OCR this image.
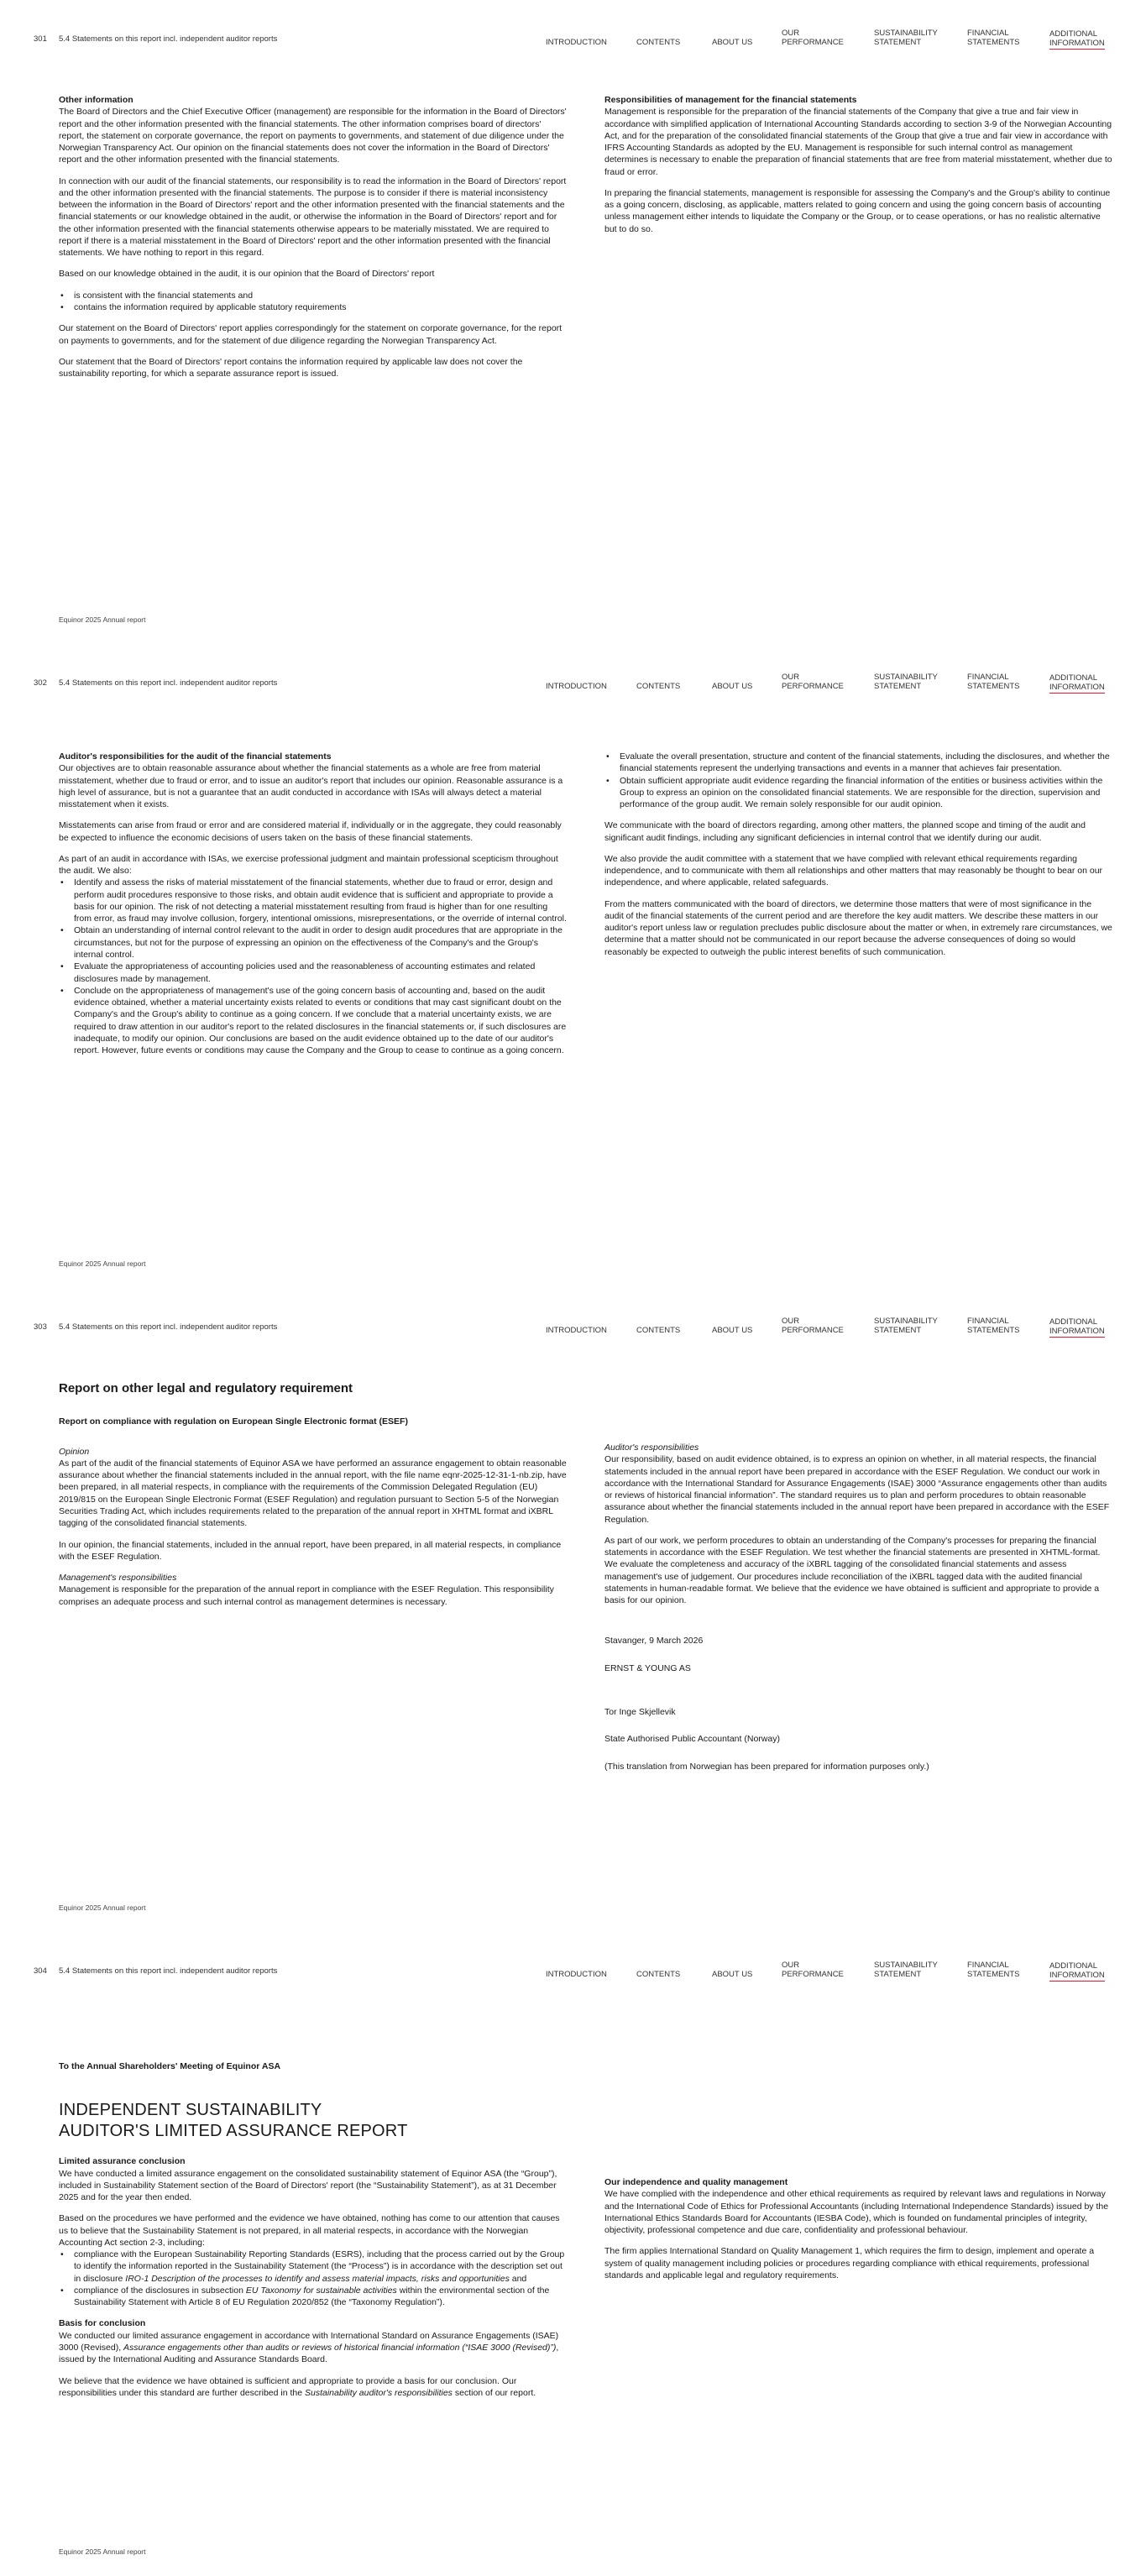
301 5.4 Statements on this report incl. independent auditor reports	INTRODUCTION	CONTENTS	ABOUT US
OUR
PERFORMANCE
SUSTAINABILITY
STATEMENT
FINANCIAL
STATEMENTS
ADDITIONAL
INFORMATION
Other information

The Board of Directors and the Chief Executive Officer (management) are responsible for the information in the Board of Directors' report and the other information presented with the financial statements. The other information comprises board of directors' report, the statement on corporate governance, the report on payments to governments, and statement of due diligence under the Norwegian Transparency Act. Our opinion on the financial statements does not cover the information in the Board of Directors' report and the other information presented with the financial statements.

In connection with our audit of the financial statements, our responsibility is to read the information in the Board of Directors' report and the other information presented with the financial statements. The purpose is to consider if there is material inconsistency between the information in the Board of Directors' report and the other information presented with the financial statements and the financial statements or our knowledge obtained in the audit, or otherwise the information in the Board of Directors' report and for the other information presented with the financial statements otherwise appears to be materially misstated. We are required to report if there is a material misstatement in the Board of Directors' report and the other information presented with the financial statements. We have nothing to report in this regard.

Based on our knowledge obtained in the audit, it is our opinion that the Board of Directors' report

• is consistent with the financial statements and
• contains the information required by applicable statutory requirements

Our statement on the Board of Directors' report applies correspondingly for the statement on corporate governance, for the report on payments to governments, and for the statement of due diligence regarding the Norwegian Transparency Act.

Our statement that the Board of Directors' report contains the information required by applicable law does not cover the sustainability reporting, for which a separate assurance report is issued.

Responsibilities of management for the financial statements

Management is responsible for the preparation of the financial statements of the Company that give a true and fair view in accordance with simplified application of International Accounting Standards according to section 3-9 of the Norwegian Accounting Act, and for the preparation of the consolidated financial statements of the Group that give a true and fair view in accordance with IFRS Accounting Standards as adopted by the EU. Management is responsible for such internal control as management determines is necessary to enable the preparation of financial statements that are free from material misstatement, whether due to fraud or error.

In preparing the financial statements, management is responsible for assessing the Company's and the Group's ability to continue as a going concern, disclosing, as applicable, matters related to going concern and using the going concern basis of accounting unless management either intends to liquidate the Company or the Group, or to cease operations, or has no realistic alternative but to do so.

Equinor 2025 Annual report
302 5.4 Statements on this report incl. independent auditor reports	INTRODUCTION	CONTENTS	ABOUT US
OUR
PERFORMANCE
SUSTAINABILITY
STATEMENT
FINANCIAL
STATEMENTS
ADDITIONAL
INFORMATION
Auditor's responsibilities for the audit of the financial statements

Our objectives are to obtain reasonable assurance about whether the financial statements as a whole are free from material misstatement, whether due to fraud or error, and to issue an auditor's report that includes our opinion. Reasonable assurance is a high level of assurance, but is not a guarantee that an audit conducted in accordance with ISAs will always detect a material misstatement when it exists.

Misstatements can arise from fraud or error and are considered material if, individually or in the aggregate, they could reasonably be expected to influence the economic decisions of users taken on the basis of these financial statements.

As part of an audit in accordance with ISAs, we exercise professional judgment and maintain professional scepticism throughout the audit. We also:

• Identify and assess the risks of material misstatement of the financial statements, whether due to fraud or error, design and perform audit procedures responsive to those risks, and obtain audit evidence that is sufficient and appropriate to provide a basis for our opinion. The risk of not detecting a material misstatement resulting from fraud is higher than for one resulting from error, as fraud may involve collusion, forgery, intentional omissions, misrepresentations, or the override of internal control.
• Obtain an understanding of internal control relevant to the audit in order to design audit procedures that are appropriate in the circumstances, but not for the purpose of expressing an opinion on the effectiveness of the Company's and the Group's internal control.
• Evaluate the appropriateness of accounting policies used and the reasonableness of accounting estimates and related disclosures made by management.
• Conclude on the appropriateness of management's use of the going concern basis of accounting and, based on the audit evidence obtained, whether a material uncertainty exists related to events or conditions that may cast significant doubt on the Company's and the Group's ability to continue as a going concern. If we conclude that a material uncertainty exists, we are required to draw attention in our auditor's report to the related disclosures in the financial statements or, if such disclosures are inadequate, to modify our opinion. Our conclusions are based on the audit evidence obtained up to the date of our auditor's report. However, future events or conditions may cause the Company and the Group to cease to continue as a going concern.
• Evaluate the overall presentation, structure and content of the financial statements, including the disclosures, and whether the financial statements represent the underlying transactions and events in a manner that achieves fair presentation.
• Obtain sufficient appropriate audit evidence regarding the financial information of the entities or business activities within the Group to express an opinion on the consolidated financial statements. We are responsible for the direction, supervision and performance of the group audit. We remain solely responsible for our audit opinion.

We communicate with the board of directors regarding, among other matters, the planned scope and timing of the audit and significant audit findings, including any significant deficiencies in internal control that we identify during our audit.

We also provide the audit committee with a statement that we have complied with relevant ethical requirements regarding independence, and to communicate with them all relationships and other matters that may reasonably be thought to bear on our independence, and where applicable, related safeguards.

From the matters communicated with the board of directors, we determine those matters that were of most significance in the audit of the financial statements of the current period and are therefore the key audit matters. We describe these matters in our auditor's report unless law or regulation precludes public disclosure about the matter or when, in extremely rare circumstances, we determine that a matter should not be communicated in our report because the adverse consequences of doing so would reasonably be expected to outweigh the public interest benefits of such communication.

Equinor 2025 Annual report
303 5.4 Statements on this report incl. independent auditor reports	INTRODUCTION	CONTENTS	ABOUT US
OUR
PERFORMANCE
SUSTAINABILITY
STATEMENT
FINANCIAL
STATEMENTS
ADDITIONAL
INFORMATION
Report on other legal and regulatory requirement
Report on compliance with regulation on European Single Electronic format (ESEF)
Opinion

As part of the audit of the financial statements of Equinor ASA we have performed an assurance engagement to obtain reasonable assurance about whether the financial statements included in the annual report, with the file name eqnr-2025-12-31-1-nb.zip, have been prepared, in all material respects, in compliance with the requirements of the Commission Delegated Regulation (EU) 2019/815 on the European Single Electronic Format (ESEF Regulation) and regulation pursuant to Section 5-5 of the Norwegian Securities Trading Act, which includes requirements related to the preparation of the annual report in XHTML format and iXBRL tagging of the consolidated financial statements.

In our opinion, the financial statements, included in the annual report, have been prepared, in all material respects, in compliance with the ESEF Regulation.

Management's responsibilities

Management is responsible for the preparation of the annual report in compliance with the ESEF Regulation. This responsibility comprises an adequate process and such internal control as management determines is necessary.

Auditor's responsibilities

Our responsibility, based on audit evidence obtained, is to express an opinion on whether, in all material respects, the financial statements included in the annual report have been prepared in accordance with the ESEF Regulation. We conduct our work in accordance with the International Standard for Assurance Engagements (ISAE) 3000 “Assurance engagements other than audits or reviews of historical financial information”. The standard requires us to plan and perform procedures to obtain reasonable assurance about whether the financial statements included in the annual report have been prepared in accordance with the ESEF Regulation.

As part of our work, we perform procedures to obtain an understanding of the Company's processes for preparing the financial statements in accordance with the ESEF Regulation. We test whether the financial statements are presented in XHTML-format. We evaluate the completeness and accuracy of the iXBRL tagging of the consolidated financial statements and assess management's use of judgement. Our procedures include reconciliation of the iXBRL tagged data with the audited financial statements in human-readable format. We believe that the evidence we have obtained is sufficient and appropriate to provide a basis for our opinion.

Stavanger, 9 March 2026

ERNST & YOUNG AS

Tor Inge Skjellevik

State Authorised Public Accountant (Norway)

(This translation from Norwegian has been prepared for information purposes only.)

Equinor 2025 Annual report
304 5.4 Statements on this report incl. independent auditor reports	INTRODUCTION	CONTENTS	ABOUT US
OUR
PERFORMANCE
SUSTAINABILITY
STATEMENT
FINANCIAL
STATEMENTS
ADDITIONAL
INFORMATION
To the Annual Shareholders' Meeting of Equinor ASA
INDEPENDENT SUSTAINABILITY
AUDITOR'S LIMITED ASSURANCE REPORT
Limited assurance conclusion

We have conducted a limited assurance engagement on the consolidated sustainability statement of Equinor ASA (the “Group”), included in Sustainability Statement section of the Board of Directors' report (the “Sustainability Statement”), as at 31 December 2025 and for the year then ended.

Based on the procedures we have performed and the evidence we have obtained, nothing has come to our attention that causes us to believe that the Sustainability Statement is not prepared, in all material respects, in accordance with the Norwegian Accounting Act section 2-3, including:

• compliance with the European Sustainability Reporting Standards (ESRS), including that the process carried out by the Group to identify the information reported in the Sustainability Statement (the “Process”) is in accordance with the description set out in disclosure IRO-1 Description of the processes to identify and assess material impacts, risks and opportunities and
• compliance of the disclosures in subsection EU Taxonomy for sustainable activities within the environmental section of the Sustainability Statement with Article 8 of EU Regulation 2020/852 (the “Taxonomy Regulation”).
Basis for conclusion

We conducted our limited assurance engagement in accordance with International Standard on Assurance Engagements (ISAE) 3000 (Revised), Assurance engagements other than audits or reviews of historical financial information (“ISAE 3000 (Revised)”), issued by the International Auditing and Assurance Standards Board.

We believe that the evidence we have obtained is sufficient and appropriate to provide a basis for our conclusion. Our responsibilities under this standard are further described in the Sustainability auditor's responsibilities section of our report.

Our independence and quality management

We have complied with the independence and other ethical requirements as required by relevant laws and regulations in Norway and the International Code of Ethics for Professional Accountants (including International Independence Standards) issued by the International Ethics Standards Board for Accountants (IESBA Code), which is founded on fundamental principles of integrity, objectivity, professional competence and due care, confidentiality and professional behaviour.

The firm applies International Standard on Quality Management 1, which requires the firm to design, implement and operate a system of quality management including policies or procedures regarding compliance with ethical requirements, professional standards and applicable legal and regulatory requirements.

Equinor 2025 Annual report
